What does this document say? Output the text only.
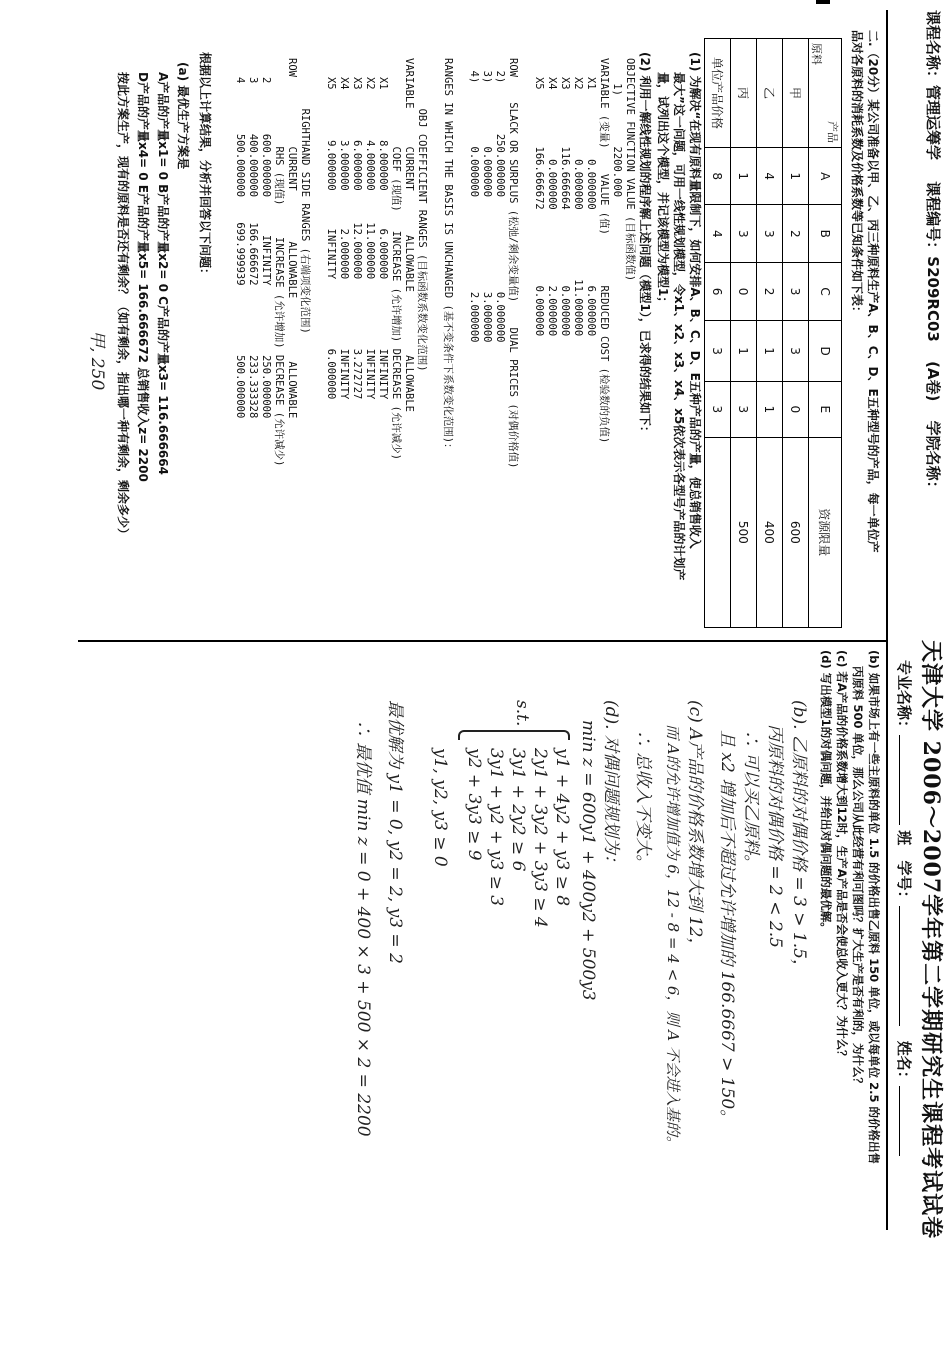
课程名称：管理运筹学 课程编号：S209RC03 (A卷) 学院名称：
天津大学 2006～2007学年第二学期研究生课程考试试卷
专业名称： 班 学号： 姓名：
二.（20分）某公司准备以甲、乙、丙三种原料生产A、B、C、D、E五种型号的产品，每一单位产
品对各原料的消耗系数及价格系数等已知条件如下表：
产品
原料	A	B	C	D	E	资源限量
甲	1	2	3	3	0	600
乙	4	3	2	1	1	400
丙	1	3	0	1	3	500
单位产品价格	8	4	6	3	3	
(1) 为解决“在现有原料量限制下，如何安排A、B、C、D、E五种产品的产量，使总销售收入
最大”这一问题，可用一线性规划模型，令x1、x2、x3、x4、x5依次表示各型号产品的计划产
量，试列出这个模型，并记该模型为模型1；
(2) 利用一解线性规划的程序解上述问题（模型1），已求得的结果如下：
OBJECTIVE FUNCTION VALUE (目标函数值)
1)        2200.000
VARIABLE (变量)    VALUE (值)        REDUCED COST (检验数的负值)
X1           0.000000            6.000000
X2           0.000000           11.000000
X3         116.666664            0.000000
X4           0.000000            2.000000
X5         166.666672            0.000000

ROW    SLACK OR SURPLUS (松弛/剩余变量值)    DUAL PRICES (对偶价格值)
2)        250.000000               0.000000
3)          0.000000               3.000000
4)          0.000000               2.000000

RANGES IN WHICH THE BASIS IS UNCHANGED (基不变条件下系数变化范围)：

OBJ COEFFICIENT RANGES (目标函数系数变化范围)
VARIABLE      CURRENT       ALLOWABLE          ALLOWABLE
COEF (现值)   INCREASE (允许增加) DECREASE (允许减少)
X1        8.000000      6.000000           INFINITY
X2        4.000000     11.000000           INFINITY
X3        6.000000     12.000000           3.272727
X4        3.000000      2.000000           INFINITY
X5        9.000000      INFINITY           6.000000

RIGHTHAND SIDE RANGES (右端项变化范围)
ROW           CURRENT        ALLOWABLE          ALLOWABLE
RHS (现值)     INCREASE (允许增加) DECREASE (允许减少)
2        600.000000      INFINITY           250.000000
3        400.000000    166.666672           233.333328
4        500.000000    699.999939           500.000000
根据以上计算结果，分析并回答以下问题：
(a) 最优生产方案是
A产品的产量x1= 0 B产品的产量x2= 0 C产品的产量x3= 116.666664
D产品的产量x4= 0 E产品的产量x5= 166.666672 总销售收入z= 2200
按此方案生产，现有的原料是否还有剩余？（如有剩余，指出哪一种有剩余，剩余多少）
甲, 250
(b) 如果市场上有一些主原料的单位 1.5 的价格出售乙原料 150 单位，或以每单位 2.5 的价格出售
丙原料 500 单位，那么公司从此经营有利可图吗？扩大生产是否有利的，为什么？
(c) 若A产品的价格系数增大到12时，生产A产品是否会使总收入更大？为什么？
(d) 写出模型1的对偶问题，并给出对偶问题的最优解。
(b). 乙原料的对偶价格 = 3 > 1.5，
丙原料的对偶价格 = 2 < 2.5
∴ 可以买乙原料。
且 x2 增加后不超过允许增加的 166.6667 > 150。
(c) A产品的价格系数增大到 12，
而 A的允许增加值为 6，12 - 8 = 4 < 6，则 A 不会进入基的。
∴ 总收入不变大。
(d). 对偶问题规划为：
min z = 600y1 + 400y2 + 500y3
s.t.
y1 + 4y2 + y3 ≥ 8
2y1 + 3y2 + 3y3 ≥ 4
3y1 + 2y2 ≥ 6
3y1 + y2 + y3 ≥ 3
y2 + 3y3 ≥ 9
y1, y2, y3 ≥ 0
最优解为 y1 = 0, y2 = 2, y3 = 2
∴ 最优值 min z = 0 + 400 × 3 + 500 × 2 = 2200
